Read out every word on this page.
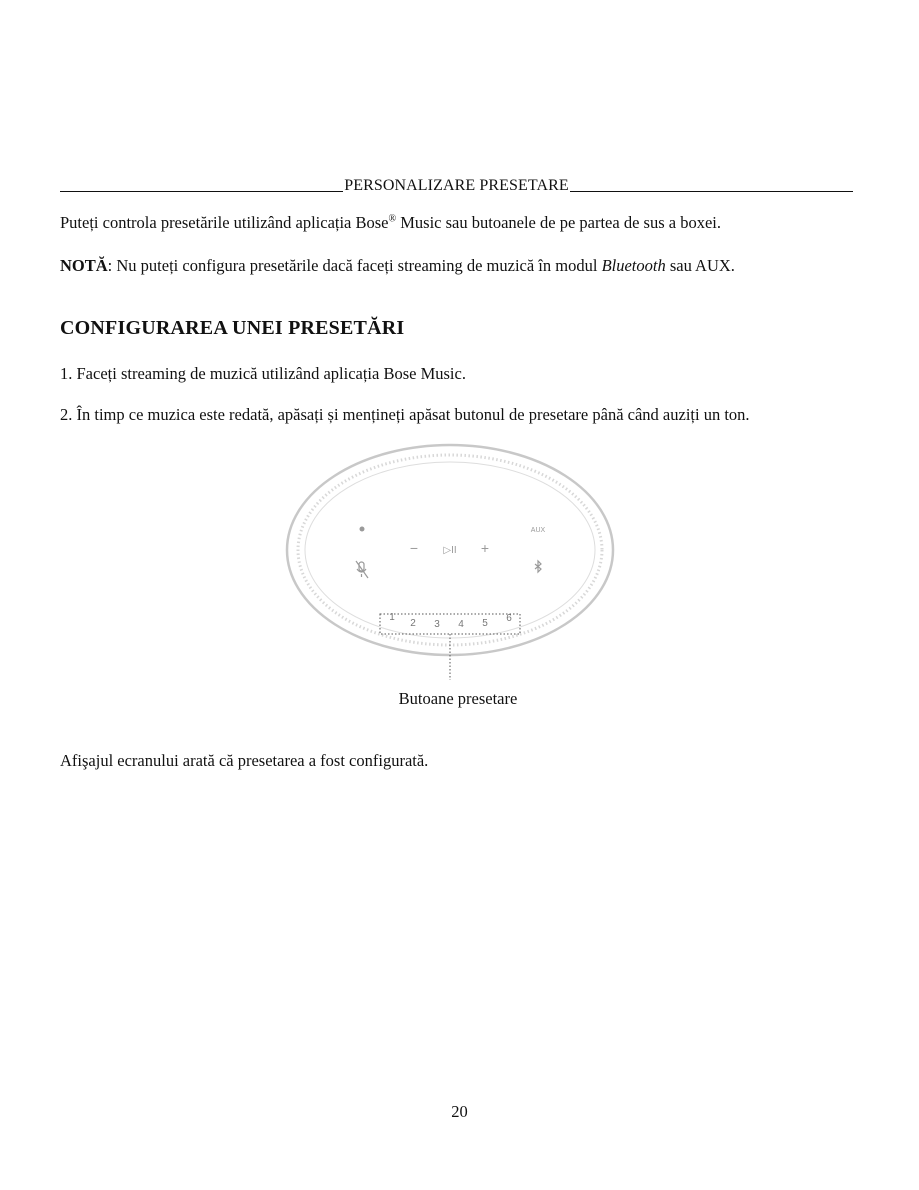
PERSONALIZARE PRESETARE
Puteți controla presetările utilizând aplicația Bose® Music sau butoanele de pe partea de sus a boxei.
NOTĂ: Nu puteți configura presetările dacă faceți streaming de muzică în modul Bluetooth sau AUX.
CONFIGURAREA UNEI PRESETĂRI
1. Faceți streaming de muzică utilizând aplicația Bose Music.
2. În timp ce muzica este redată, apăsați și mențineți apăsat butonul de presetare până când auziți un ton.
AUX
−	▷II +
1
2 3 4 5 6
Butoane presetare
Afişajul ecranului arată că presetarea a fost configurată.
20
